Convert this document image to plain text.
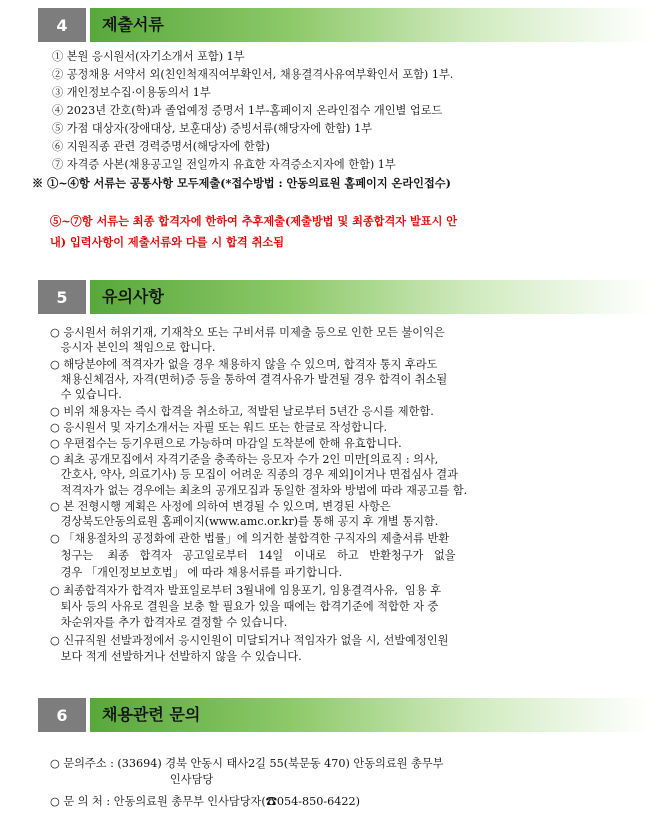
4	제출서류
① 본원 응시원서(자기소개서 포함) 1부
② 공정채용 서약서 외(친인척재직여부확인서, 채용결격사유여부확인서 포함) 1부.
③ 개인정보수집·이용동의서 1부
④ 2023년 간호(학)과 졸업예정 증명서 1부-홈페이지 온라인접수 개인별 업로드
⑤ 가점 대상자(장애대상, 보훈대상) 증빙서류(해당자에 한함) 1부
⑥ 지원직종 관련 경력증명서(해당자에 한함)
⑦ 자격증 사본(채용공고일 전일까지 유효한 자격증소지자에 한함) 1부
※ ①~④항 서류는 공통사항 모두제출(*접수방법 : 안동의료원 홈페이지 온라인접수)
⑤~⑦항 서류는 최종 합격자에 한하여 추후제출(제출방법 및 최종합격자 발표시 안
내) 입력사항이 제출서류와 다를 시 합격 취소됨
5	유의사항
○ 응시원서 허위기재, 기재착오 또는 구비서류 미제출 등으로 인한 모든 불이익은
응시자 본인의 책임으로 합니다.
○ 해당분야에 적격자가 없을 경우 채용하지 않을 수 있으며, 합격자 통지 후라도
채용신체검사, 자격(면허)증 등을 통하여 결격사유가 발견될 경우 합격이 취소될
수 있습니다.
○ 비위 채용자는 즉시 합격을 취소하고, 적발된 날로부터 5년간 응시를 제한함.
○ 응시원서 및 자기소개서는 자필 또는 워드 또는 한글로 작성합니다.
○ 우편접수는 등기우편으로 가능하며 마감일 도착분에 한해 유효합니다.
○ 최초 공개모집에서 자격기준을 충족하는 응모자 수가 2인 미만[의료직 : 의사,
간호사, 약사, 의료기사) 등 모집이 어려운 직종의 경우 제외]이거나 면접심사 결과
적격자가 없는 경우에는 최초의 공개모집과 동일한 절차와 방법에 따라 재공고를 함.
○ 본 전형시행 계획은 사정에 의하여 변경될 수 있으며, 변경된 사항은
경상북도안동의료원 홈페이지(www.amc.or.kr)를 통해 공지 후 개별 통지함.
○ 「채용절차의 공정화에 관한 법률」에 의거한 불합격한 구직자의 제출서류 반환
청구는    최종   합격자   공고일로부터   14일   이내로   하고   반환청구가   없을
경우 「개인정보보호법」 에 따라 채용서류를 파기합니다.
○ 최종합격자가 합격자 발표일로부터 3월내에 임용포기, 임용결격사유,  임용 후
퇴사 등의 사유로 결원을 보충 할 필요가 있을 때에는 합격기준에 적합한 자 중
차순위자를 추가 합격자로 결정할 수 있습니다.
○ 신규직원 선발과정에서 응시인원이 미달되거나 적임자가 없을 시, 선발예정인원
보다 적게 선발하거나 선발하지 않을 수 있습니다.
6	채용관련 문의
○ 문의주소 : (33694) 경북 안동시 태사2길 55(북문동 470) 안동의료원 총무부
인사담당
○ 문 의 처 : 안동의료원 총무부 인사담당자(☎054-850-6422)
